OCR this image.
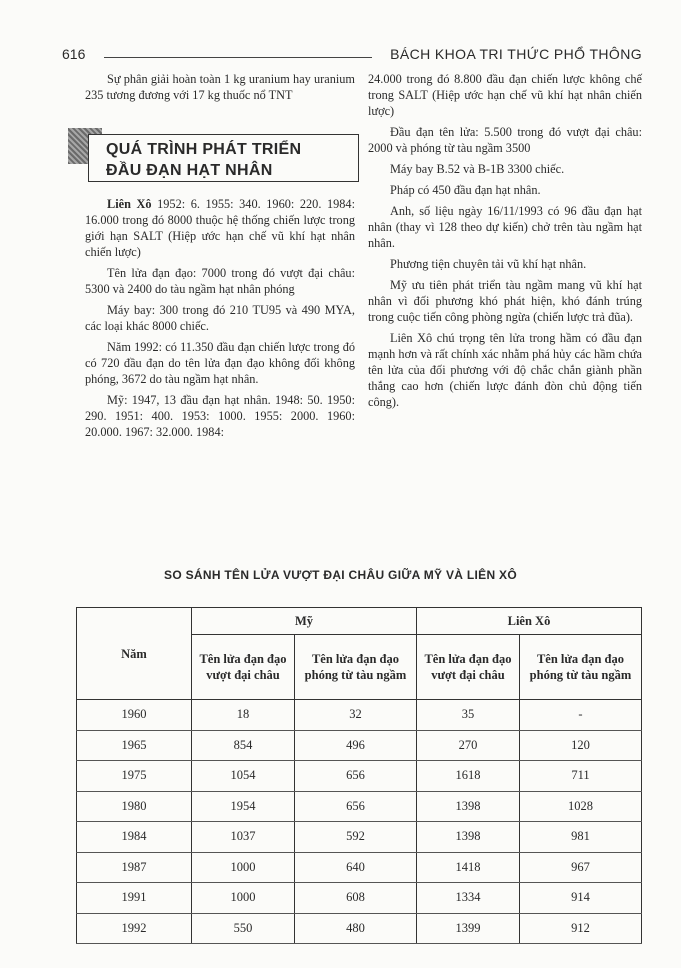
616	BÁCH KHOA TRI THỨC PHỔ THÔNG

Sự phân giải hoàn toàn 1 kg uranium hay uranium 235 tương đương với 17 kg thuốc nổ TNT

QUÁ TRÌNH PHÁT TRIỂN
ĐẦU ĐẠN HẠT NHÂN

Liên Xô 1952: 6. 1955: 340. 1960: 220. 1984: 16.000 trong đó 8000 thuộc hệ thống chiến lược trong giới hạn SALT (Hiệp ước hạn chế vũ khí hạt nhân chiến lược)

Tên lửa đạn đạo: 7000 trong đó vượt đại châu: 5300 và 2400 do tàu ngầm hạt nhân phóng

Máy bay: 300 trong đó 210 TU95 và 490 MYA, các loại khác 8000 chiếc.

Năm 1992: có 11.350 đầu đạn chiến lược trong đó có 720 đầu đạn do tên lửa đạn đạo không đối không phóng, 3672 do tàu ngầm hạt nhân.

Mỹ: 1947, 13 đầu đạn hạt nhân. 1948: 50. 1950: 290. 1951: 400. 1953: 1000. 1955: 2000. 1960: 20.000. 1967: 32.000. 1984:

24.000 trong đó 8.800 đầu đạn chiến lược không chế trong SALT (Hiệp ước hạn chế vũ khí hạt nhân chiến lược)

Đầu đạn tên lửa: 5.500 trong đó vượt đại châu: 2000 và phóng từ tàu ngầm 3500

Máy bay B.52 và B-1B 3300 chiếc.

Pháp có 450 đầu đạn hạt nhân.

Anh, số liệu ngày 16/11/1993 có 96 đầu đạn hạt nhân (thay vì 128 theo dự kiến) chở trên tàu ngầm hạt nhân.

Phương tiện chuyên tải vũ khí hạt nhân.

Mỹ ưu tiên phát triển tàu ngầm mang vũ khí hạt nhân vì đối phương khó phát hiện, khó đánh trúng trong cuộc tiến công phòng ngừa (chiến lược trả đũa).

Liên Xô chú trọng tên lửa trong hầm có đầu đạn mạnh hơn và rất chính xác nhằm phá hủy các hầm chứa tên lửa của đối phương với độ chắc chắn giành phần thắng cao hơn (chiến lược đánh đòn chủ động tiến công).

SO SÁNH TÊN LỬA VƯỢT ĐẠI CHÂU GIỮA MỸ VÀ LIÊN XÔ
Năm	Mỹ		Liên Xô	
	Tên lửa đạn đạo vượt đại châu	Tên lửa đạn đạo phóng từ tàu ngầm	Tên lửa đạn đạo vượt đại châu	Tên lửa đạn đạo phóng từ tàu ngầm
1960	18	32	35	-
1965	854	496	270	120
1975	1054	656	1618	711
1980	1954	656	1398	1028
1984	1037	592	1398	981
1987	1000	640	1418	967
1991	1000	608	1334	914
1992	550	480	1399	912
